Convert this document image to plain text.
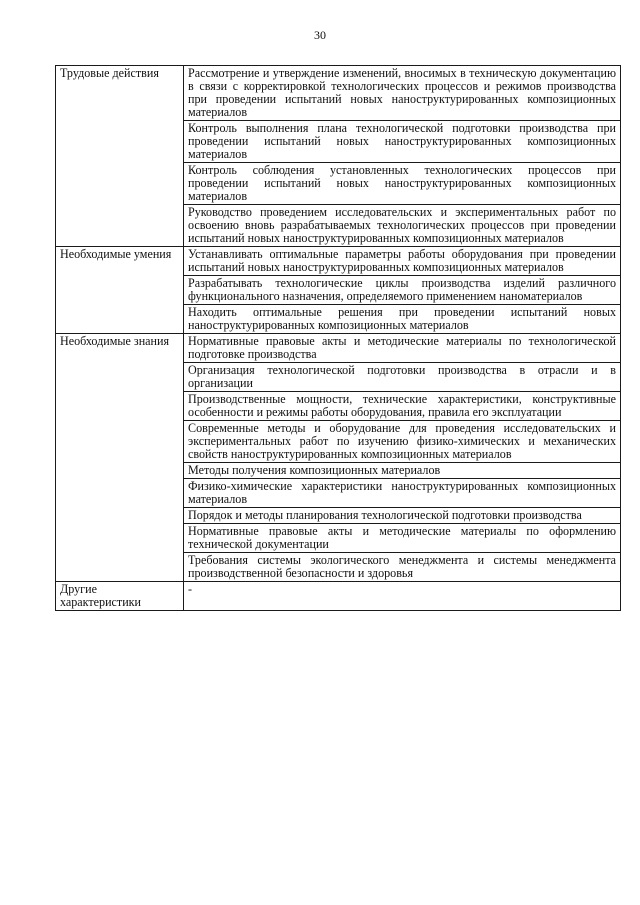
30
Трудовые действия	Рассмотрение и утверждение изменений, вносимых в техническую документацию в связи с корректировкой технологических процессов и режимов производства при проведении испытаний новых наноструктурированных композиционных материалов
	Контроль выполнения плана технологической подготовки производства при проведении испытаний новых наноструктурированных композиционных материалов
	Контроль соблюдения установленных технологических процессов при проведении испытаний новых наноструктурированных композиционных материалов
	Руководство проведением исследовательских и экспериментальных работ по освоению вновь разрабатываемых технологических процессов при проведении испытаний новых наноструктурированных композиционных материалов
Необходимые умения	Устанавливать оптимальные параметры работы оборудования при проведении испытаний новых наноструктурированных композиционных материалов
	Разрабатывать технологические циклы производства изделий различного функционального назначения, определяемого применением наноматериалов
	Находить оптимальные решения при проведении испытаний новых наноструктурированных композиционных материалов
Необходимые знания	Нормативные правовые акты и методические материалы по технологической подготовке производства
	Организация технологической подготовки производства в отрасли и в организации
	Производственные мощности, технические характеристики, конструктивные особенности и режимы работы оборудования, правила его эксплуатации
	Современные методы и оборудование для проведения исследовательских и экспериментальных работ по изучению физико-химических и механических свойств наноструктурированных композиционных материалов
	Методы получения композиционных материалов
	Физико-химические характеристики наноструктурированных композиционных материалов
	Порядок и методы планирования технологической подготовки производства
	Нормативные правовые акты и методические материалы по оформлению технической документации
	Требования системы экологического менеджмента и системы менеджмента производственной безопасности и здоровья
Другие характеристики	-
